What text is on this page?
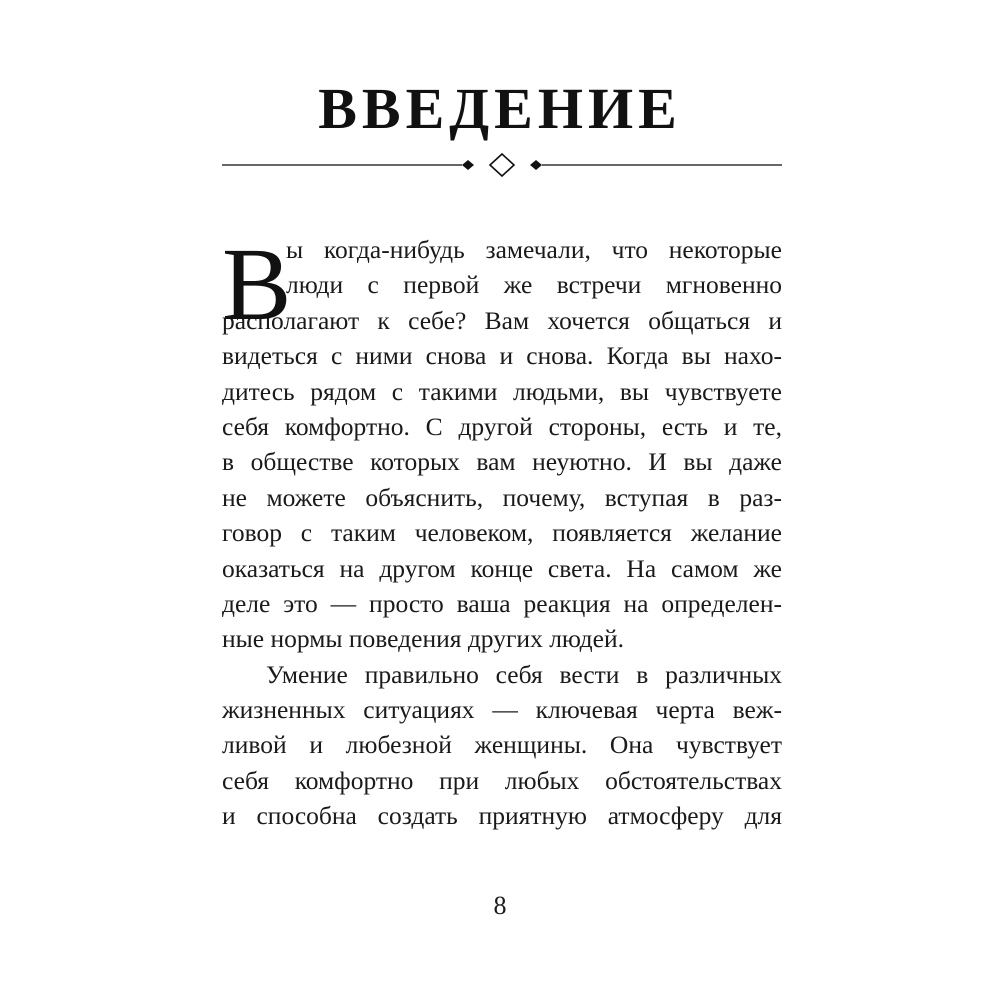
ВВЕДЕНИЕ
В
ы когда-нибудь замечали, что некоторые
люди с первой же встречи мгновенно
располагают к себе? Вам хочется общаться и
видеться с ними снова и снова. Когда вы нахо-
дитесь рядом с такими людьми, вы чувствуете
себя комфортно. С другой стороны, есть и те,
в обществе которых вам неуютно. И вы даже
не можете объяснить, почему, вступая в раз-
говор с таким человеком, появляется желание
оказаться на другом конце света. На самом же
деле это — просто ваша реакция на определен-
ные нормы поведения других людей.
Умение правильно себя вести в различных
жизненных ситуациях — ключевая черта веж-
ливой и любезной женщины. Она чувствует
себя комфортно при любых обстоятельствах
и способна создать приятную атмосферу для
8
